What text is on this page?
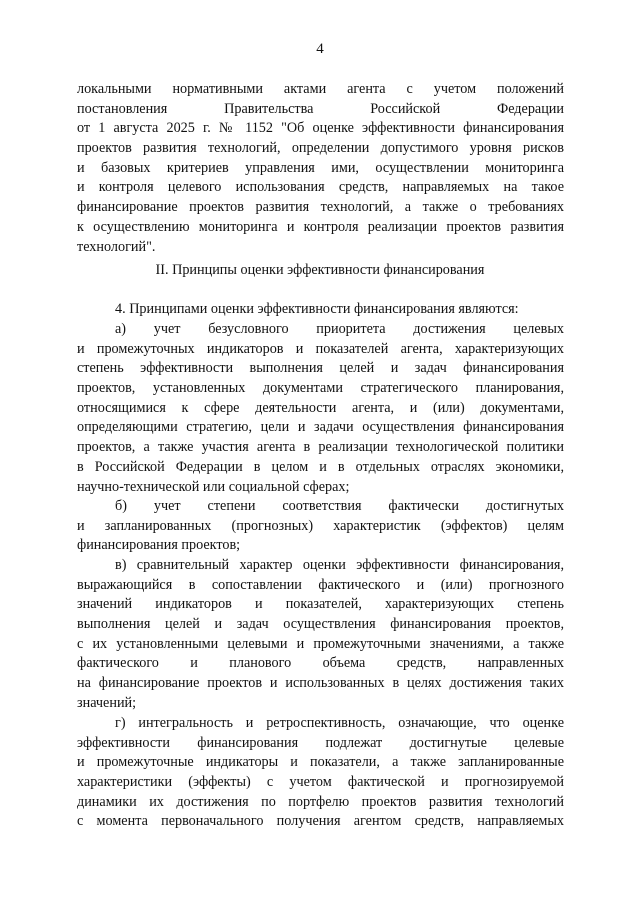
4
локальными нормативными актами агента с учетом положений
постановления Правительства Российской Федерации
от 1 августа 2025 г. № 1152 "Об оценке эффективности финансирования
проектов развития технологий, определении допустимого уровня рисков
и базовых критериев управления ими, осуществлении мониторинга
и контроля целевого использования средств, направляемых на такое
финансирование проектов развития технологий, а также о требованиях
к осуществлению мониторинга и контроля реализации проектов развития
технологий".
II. Принципы оценки эффективности финансирования
4. Принципами оценки эффективности финансирования являются:
а) учет безусловного приоритета достижения целевых
и промежуточных индикаторов и показателей агента, характеризующих
степень эффективности выполнения целей и задач финансирования
проектов, установленных документами стратегического планирования,
относящимися к сфере деятельности агента, и (или) документами,
определяющими стратегию, цели и задачи осуществления финансирования
проектов, а также участия агента в реализации технологической политики
в Российской Федерации в целом и в отдельных отраслях экономики,
научно-технической или социальной сферах;
б) учет степени соответствия фактически достигнутых
и запланированных (прогнозных) характеристик (эффектов) целям
финансирования проектов;
в) сравнительный характер оценки эффективности финансирования,
выражающийся в сопоставлении фактического и (или) прогнозного
значений индикаторов и показателей, характеризующих степень
выполнения целей и задач осуществления финансирования проектов,
с их установленными целевыми и промежуточными значениями, а также
фактического и планового объема средств, направленных
на финансирование проектов и использованных в целях достижения таких
значений;
г) интегральность и ретроспективность, означающие, что оценке
эффективности финансирования подлежат достигнутые целевые
и промежуточные индикаторы и показатели, а также запланированные
характеристики (эффекты) с учетом фактической и прогнозируемой
динамики их достижения по портфелю проектов развития технологий
с момента первоначального получения агентом средств, направляемых
